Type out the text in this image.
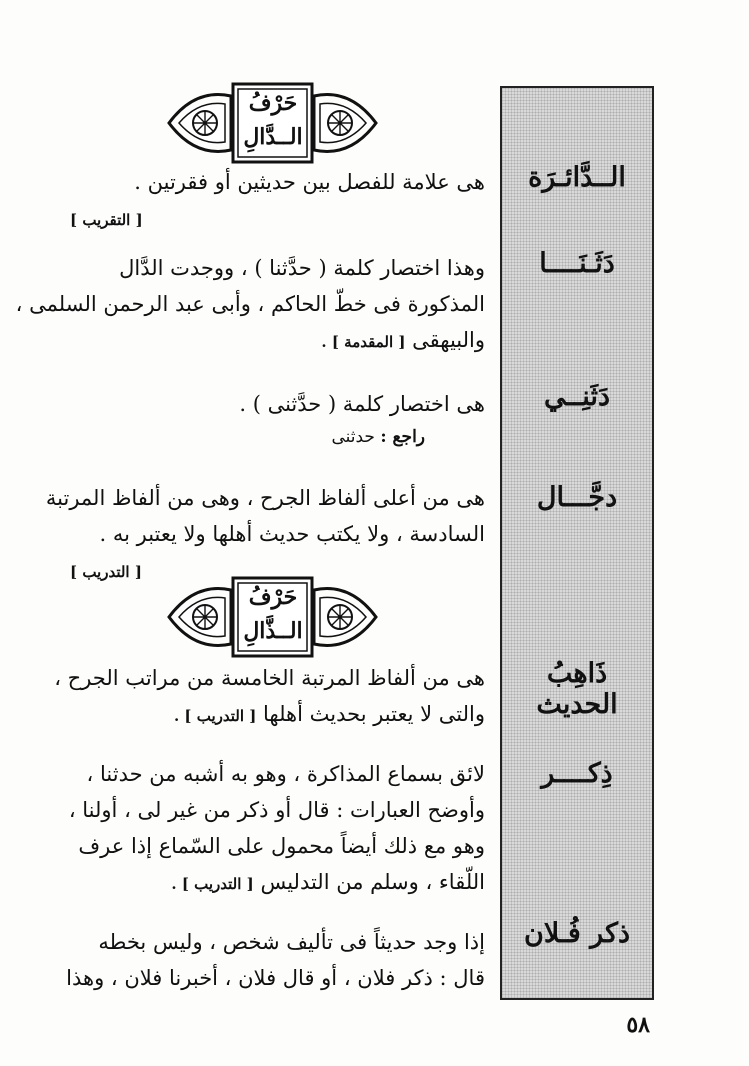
الــدَّائـرَة
دَثَـنَــــا
دَثَنِــي
دجَّـــال
ذَاهِبُ الحديث
ذِكــــر
ذكر فُـلان
حَرْفُ
الــدَّالِ
هى علامة للفصل بين حديثين أو فقرتين .
[ التقريب ]
وهذا اختصار كلمة ( حدَّثنا ) ، ووجدت الدَّال
المذكورة فى خطّ الحاكم ، وأبى عبد الرحمن السلمى ،
والبيهقى [ المقدمة ] .
هى اختصار كلمة ( حدَّثنى ) .
راجع : حدثنى
هى من أعلى ألفاظ الجرح ، وهى من ألفاظ المرتبة
السادسة ، ولا يكتب حديث أهلها ولا يعتبر به .
[ التدريب ]
حَرْفُ
الــذَّالِ
هى من ألفاظ المرتبة الخامسة من مراتب الجرح ،
والتى لا يعتبر بحديث أهلها [ التدريب ] .
لائق بسماع المذاكرة ، وهو به أشبه من حدثنا ،
وأوضح العبارات : قال أو ذكر من غير لى ، أولنا ،
وهو مع ذلك أيضاً محمول على السّماع إذا عرف
اللّقاء ، وسلم من التدليس [ التدريب ] .
إذا وجد حديثاً فى تأليف شخص ، وليس بخطه
قال : ذكر فلان ، أو قال فلان ، أخبرنا فلان ، وهذا
٥٨
